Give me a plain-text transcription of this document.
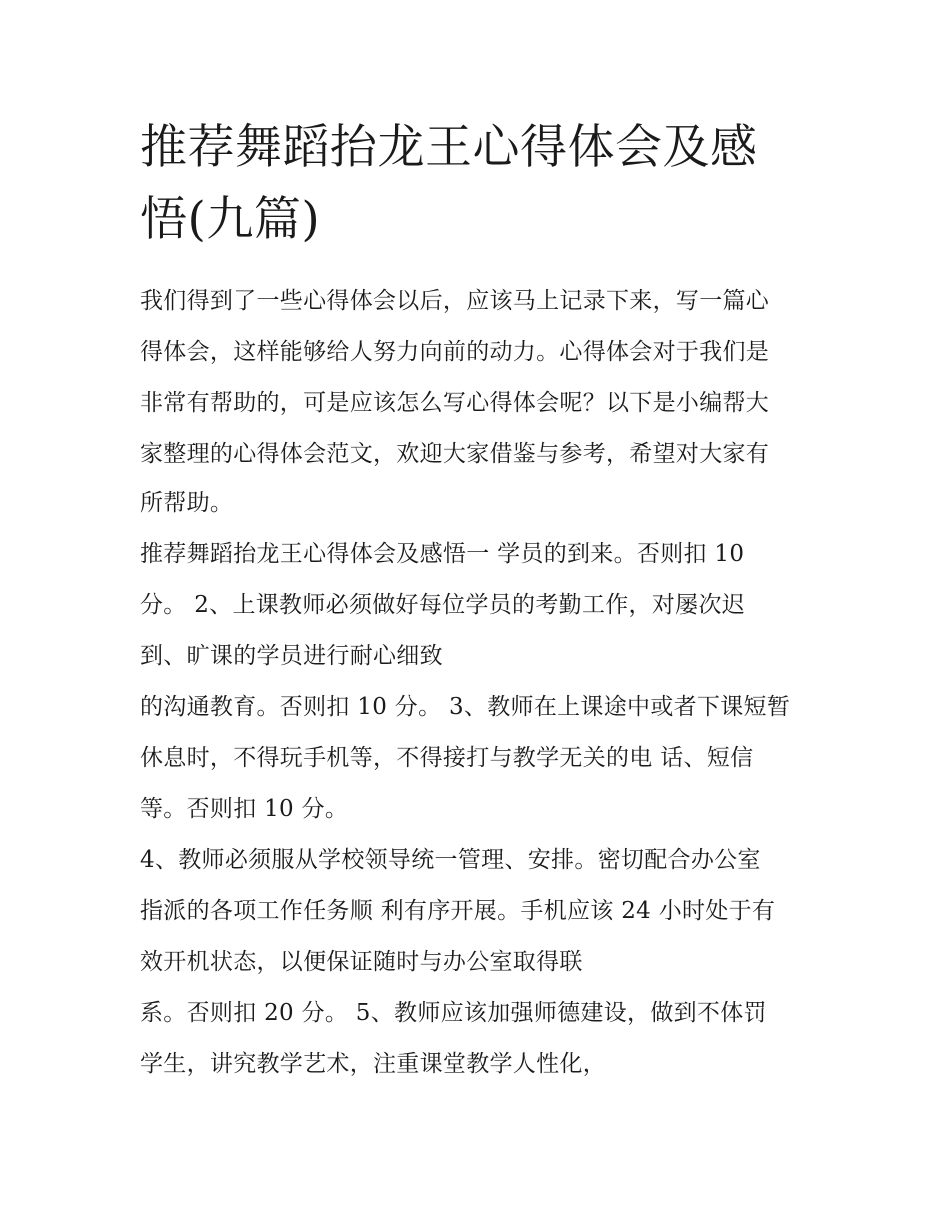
推荐舞蹈抬龙王心得体会及感
悟(九篇)

我们得到了一些心得体会以后，应该马上记录下来，写一篇心

得体会，这样能够给人努力向前的动力。心得体会对于我们是

非常有帮助的，可是应该怎么写心得体会呢？以下是小编帮大

家整理的心得体会范文，欢迎大家借鉴与参考，希望对大家有

所帮助。

推荐舞蹈抬龙王心得体会及感悟一 学员的到来。否则扣 10

分。 2、上课教师必须做好每位学员的考勤工作，对屡次迟

到、旷课的学员进行耐心细致

的沟通教育。否则扣 10 分。 3、教师在上课途中或者下课短暂

休息时，不得玩手机等，不得接打与教学无关的电 话、短信

等。否则扣 10 分。

4、教师必须服从学校领导统一管理、安排。密切配合办公室

指派的各项工作任务顺 利有序开展。手机应该 24 小时处于有

效开机状态，以便保证随时与办公室取得联

系。否则扣 20 分。 5、教师应该加强师德建设，做到不体罚

学生，讲究教学艺术，注重课堂教学人性化，
